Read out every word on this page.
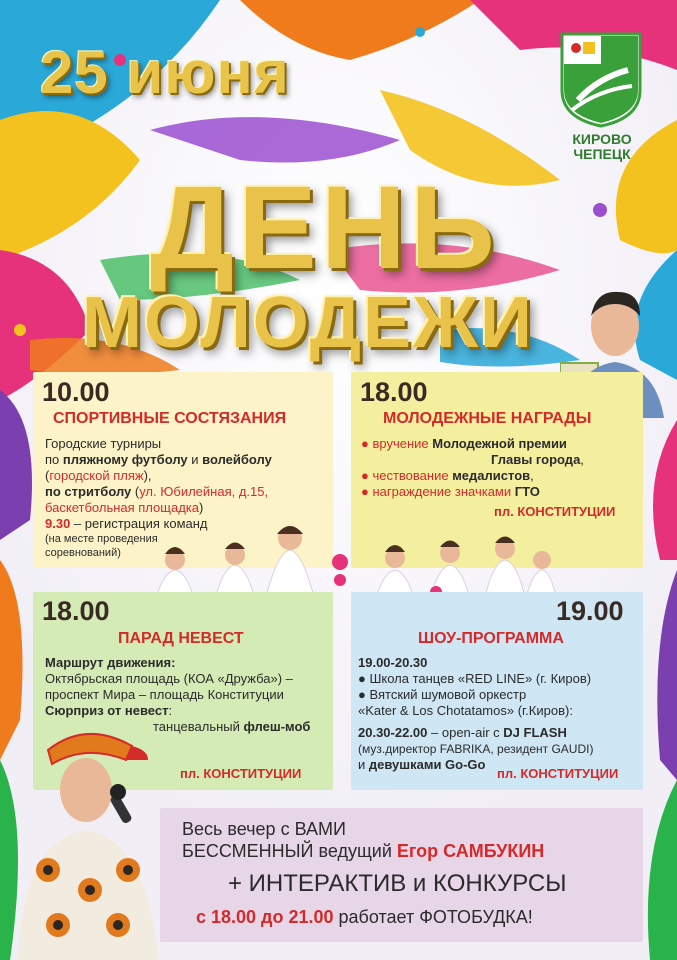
25 июня
ДЕНЬ
МОЛОДЕЖИ
КИРОВО
ЧЕПЕЦК
10.00
СПОРТИВНЫЕ СОСТЯЗАНИЯ
Городские турниры
по пляжному футболу и волейболу
(городской пляж),
по стритболу (ул. Юбилейная, д.15,
баскетбольная площадка)
9.30 – регистрация команд
(на месте проведения
соревнований)
18.00
МОЛОДЕЖНЫЕ НАГРАДЫ
● вручение Молодежной премии
Главы города,
● чествование медалистов,
● награждение значками ГТО
пл. КОНСТИТУЦИИ
18.00
ПАРАД НЕВЕСТ
Маршрут движения:
Октябрьская площадь (КОА «Дружба») –
проспект Мира – площадь Конституции
Сюрприз от невест:
танцевальный флеш-моб
пл. КОНСТИТУЦИИ
19.00
ШОУ-ПРОГРАММА
19.00-20.30
● Школа танцев «RED LINE» (г. Киров)
● Вятский шумовой оркестр
«Kater & Los Chotatamos» (г.Киров):
20.30-22.00 – open-air с DJ FLASH
(муз.директор FABRIKA, резидент GAUDI)
и девушками Go-Go
пл. КОНСТИТУЦИИ
Весь вечер с ВАМИ
БЕССМЕННЫЙ ведущий Егор САМБУКИН
+ ИНТЕРАКТИВ и КОНКУРСЫ
с 18.00 до 21.00 работает ФОТОБУДКА!
